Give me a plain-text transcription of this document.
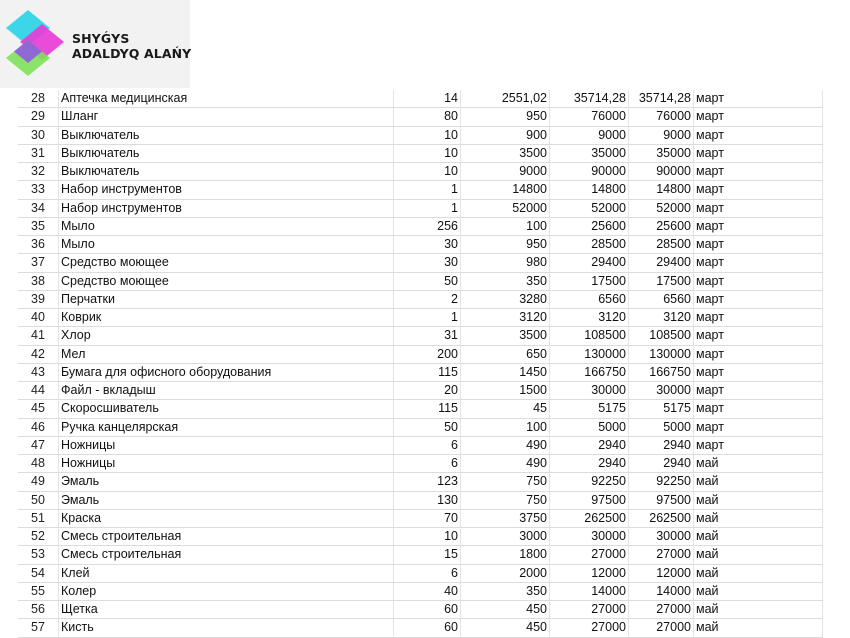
SHYǴYS
ADALDYQ ALAŃY
28	Аптечка медицинская	14	2551,02	35714,28	35714,28	март
29	Шланг	80	950	76000	76000	март
30	Выключатель	10	900	9000	9000	март
31	Выключатель	10	3500	35000	35000	март
32	Выключатель	10	9000	90000	90000	март
33	Набор инструментов	1	14800	14800	14800	март
34	Набор инструментов	1	52000	52000	52000	март
35	Мыло	256	100	25600	25600	март
36	Мыло	30	950	28500	28500	март
37	Средство моющее	30	980	29400	29400	март
38	Средство моющее	50	350	17500	17500	март
39	Перчатки	2	3280	6560	6560	март
40	Коврик	1	3120	3120	3120	март
41	Хлор	31	3500	108500	108500	март
42	Мел	200	650	130000	130000	март
43	Бумага для офисного оборудования	115	1450	166750	166750	март
44	Файл - вкладыш	20	1500	30000	30000	март
45	Скоросшиватель	115	45	5175	5175	март
46	Ручка канцелярская	50	100	5000	5000	март
47	Ножницы	6	490	2940	2940	март
48	Ножницы	6	490	2940	2940	май
49	Эмаль	123	750	92250	92250	май
50	Эмаль	130	750	97500	97500	май
51	Краска	70	3750	262500	262500	май
52	Смесь строительная	10	3000	30000	30000	май
53	Смесь строительная	15	1800	27000	27000	май
54	Клей	6	2000	12000	12000	май
55	Колер	40	350	14000	14000	май
56	Щетка	60	450	27000	27000	май
57	Кисть	60	450	27000	27000	май
